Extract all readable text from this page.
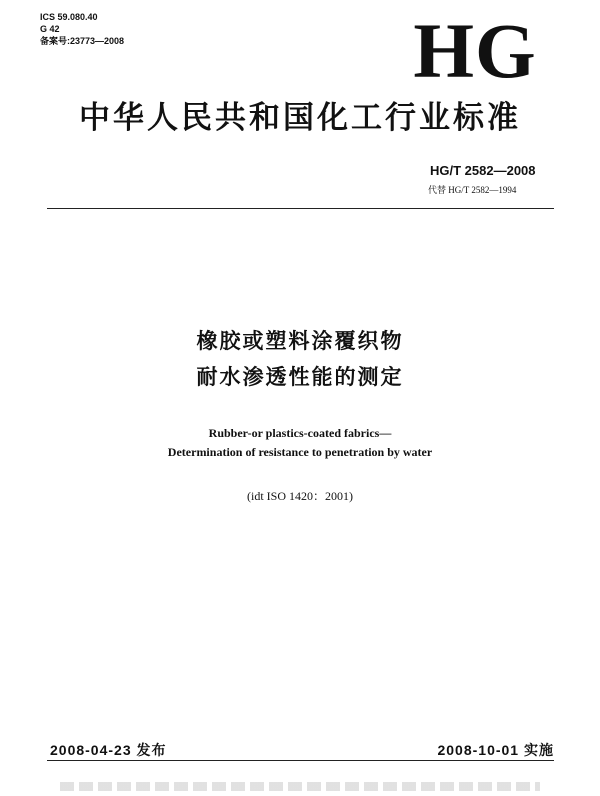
ICS 59.080.40
G 42
备案号:23773—2008	HG
中华人民共和国化工行业标准
HG/T 2582—2008
代替 HG/T 2582—1994
橡胶或塑料涂覆织物
耐水渗透性能的测定
Rubber-or plastics-coated fabrics—
Determination of resistance to penetration by water
(idt ISO 1420：2001)
2008-04-23 发布	2008-10-01 实施
